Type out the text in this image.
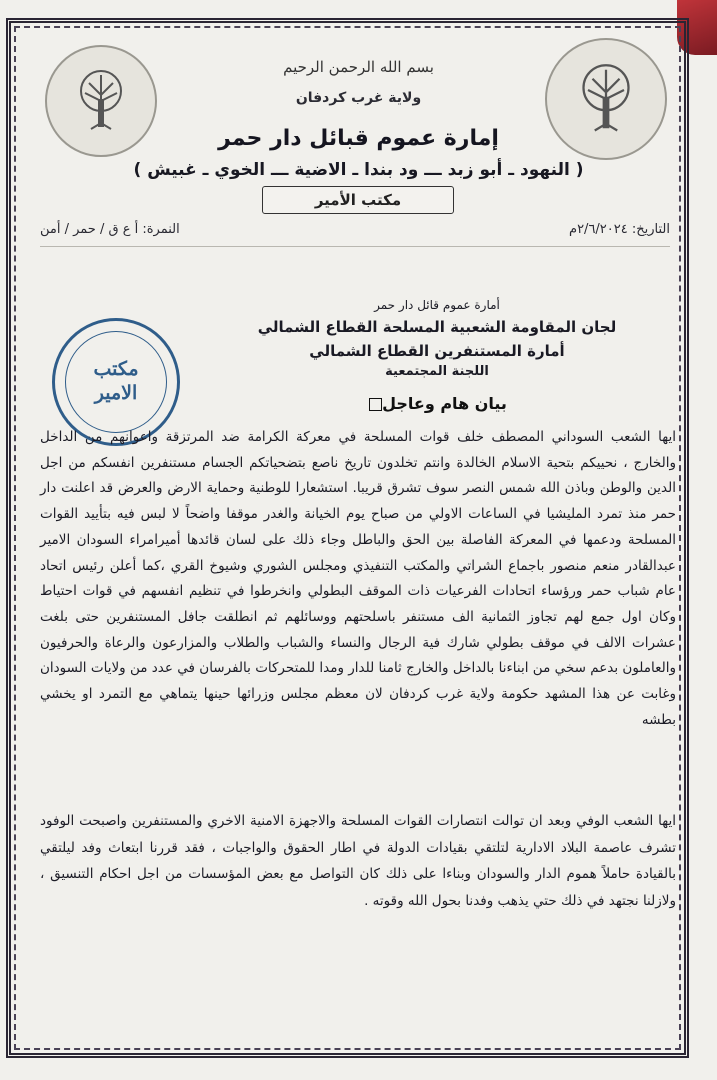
بسم الله الرحمن الرحيم
ولاية غرب كردفان
إمارة عموم قبائل دار حمر
( النهود ـ أبو زبد ـــ ود بندا ـ الاضية ـــ الخوي ـ غبيش )
مكتب الأمير
التاريخ: ٢/٦/٢٠٢٤م
النمرة: أ ع ق / حمر / أمن
مكتب
الامير
أمارة عموم قائل دار حمر
لجان المقاومة الشعبية المسلحة القطاع الشمالي
أمارة المستنفرين القطاع الشمالي
اللجنة المجتمعية
بيان هام وعاجل

ايها الشعب السوداني المصطف خلف قوات المسلحة في معركة الكرامة ضد المرتزقة واعوانهم من الداخل والخارج ، نحييكم بتحية الاسلام الخالدة وانتم تخلدون تاريخ ناصع بتضحياتكم الجسام مستنفرين انفسكم من اجل الدين والوطن وباذن الله شمس النصر سوف تشرق قريبا. استشعارا للوطنية وحماية الارض والعرض قد اعلنت دار حمر منذ تمرد المليشيا في الساعات الاولي من صباح يوم الخيانة والغدر موقفا واضحاً لا لبس فيه بتأييد القوات المسلحة ودعمها في المعركة الفاصلة بين الحق والباطل وجاء ذلك على لسان قائدها أميرامراء السودان الامير عبدالقادر منعم منصور باجماع الشراتي والمكتب التنفيذي ومجلس الشوري وشيوخ القري ،كما أعلن رئيس اتحاد عام شباب حمر ورؤساء اتحادات الفرعيات ذات الموقف البطولي وانخرطوا في تنظيم انفسهم في قوات احتياط وكان اول جمع لهم تجاوز الثمانية الف مستنفر باسلحتهم ووسائلهم ثم انطلقت جافل المستنفرين حتى بلغت عشرات الالف في موقف بطولي شارك فية الرجال والنساء والشباب والطلاب والمزارعون والرعاة والحرفيون والعاملون بدعم سخي من ابناءنا بالداخل والخارج ثامنا للدار ومدا للمتحركات بالفرسان في عدد من ولايات السودان وغابت عن هذا المشهد حكومة ولاية غرب كردفان لان معظم مجلس وزرائها حينها يتماهي مع التمرد او يخشي بطشه

ايها الشعب الوفي وبعد ان توالت انتصارات القوات المسلحة والاجهزة الامنية الاخري والمستنفرين واصبحت الوفود تشرف عاصمة البلاد الادارية لتلتقي بقيادات الدولة في اطار الحقوق والواجبات ، فقد قررنا ابتعاث وفد ليلتقي بالقيادة حاملاً هموم الدار والسودان وبناءا على ذلك كان التواصل مع بعض المؤسسات من اجل احكام التنسيق ، ولازلنا نجتهد في ذلك حتي يذهب وفدنا بحول الله وقوته .
